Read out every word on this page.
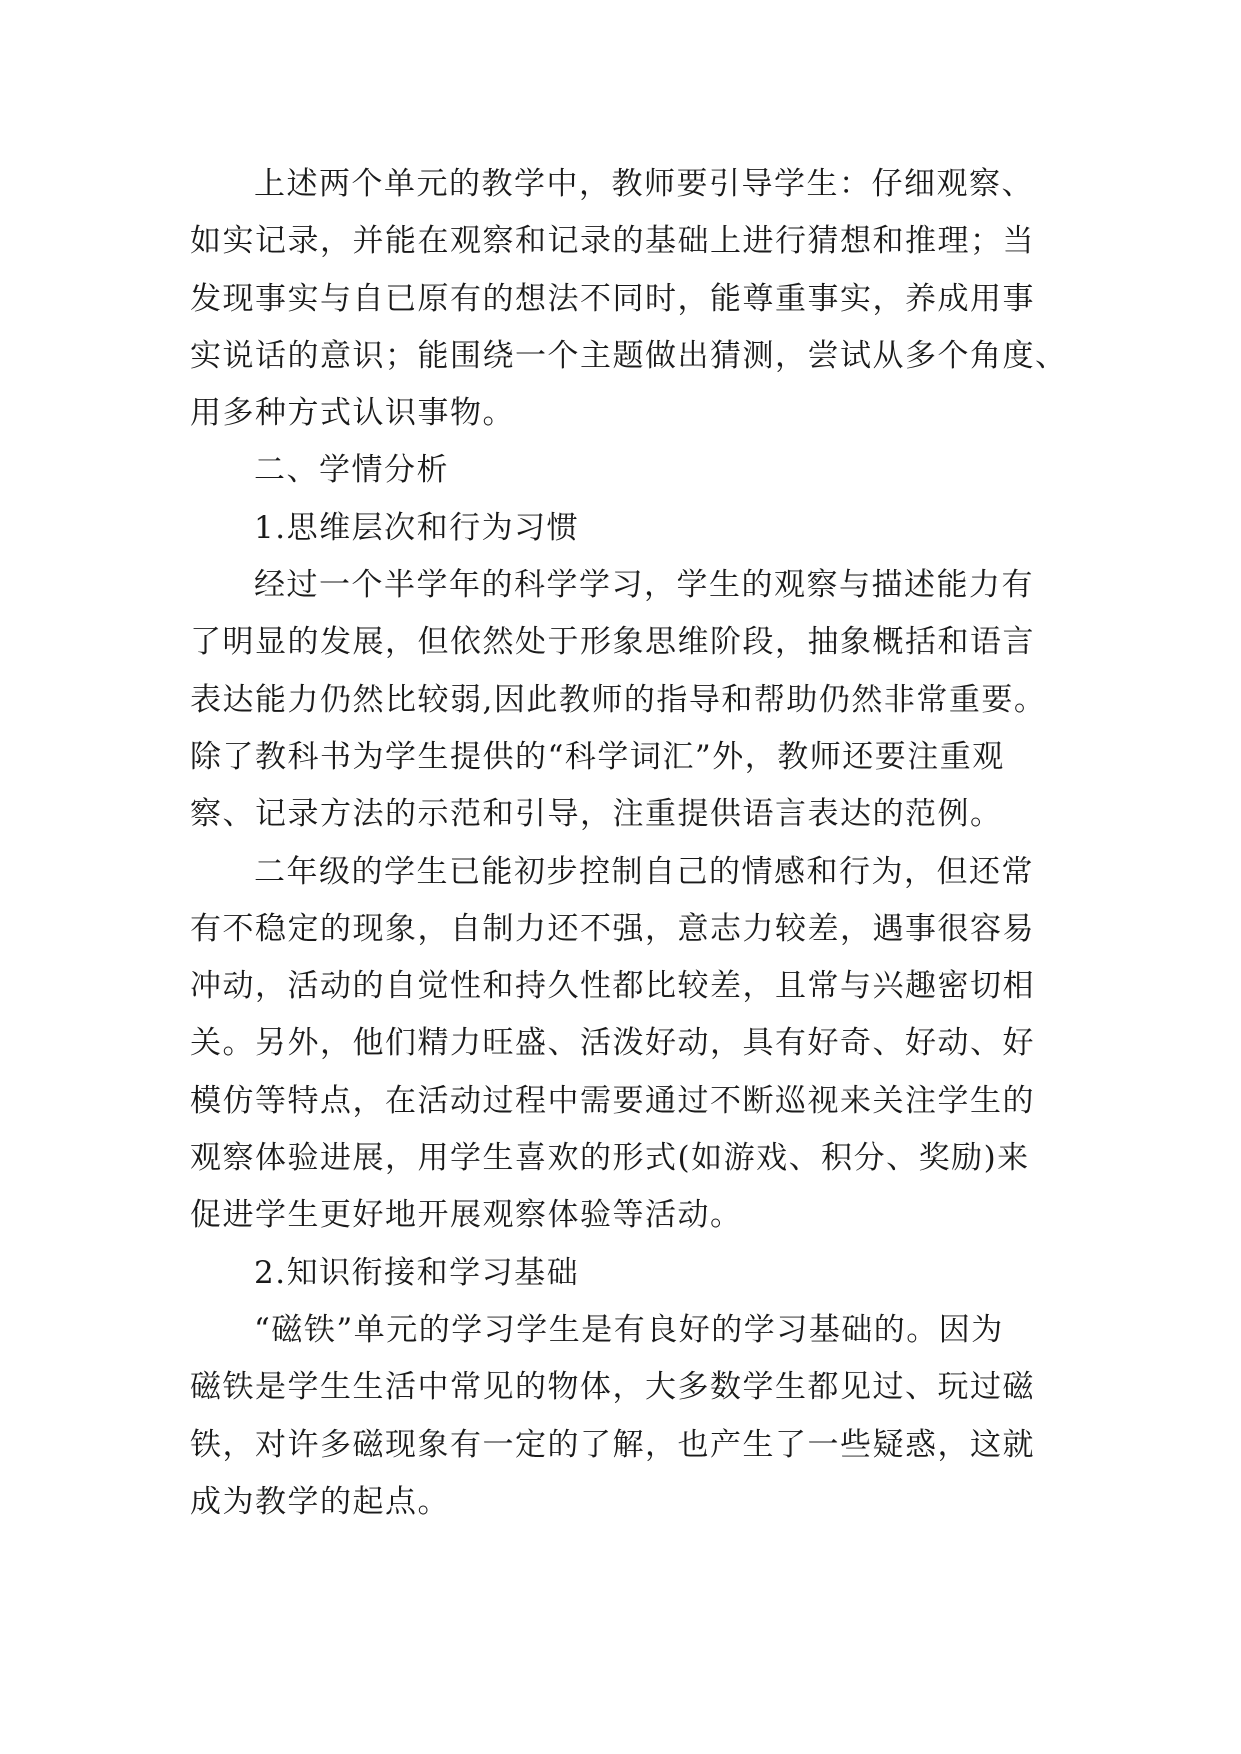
上述两个单元的教学中，教师要引导学生：仔细观察、

如实记录，并能在观察和记录的基础上进行猜想和推理；当

发现事实与自已原有的想法不同时，能尊重事实，养成用事

实说话的意识；能围绕一个主题做出猜测，尝试从多个角度、

用多种方式认识事物。

二、学情分析

1.思维层次和行为习惯

经过一个半学年的科学学习，学生的观察与描述能力有

了明显的发展，但依然处于形象思维阶段，抽象概括和语言

表达能力仍然比较弱,因此教师的指导和帮助仍然非常重要。

除了教科书为学生提供的“科学词汇”外，教师还要注重观

察、记录方法的示范和引导，注重提供语言表达的范例。

二年级的学生已能初步控制自己的情感和行为，但还常

有不稳定的现象，自制力还不强，意志力较差，遇事很容易

冲动，活动的自觉性和持久性都比较差，且常与兴趣密切相

关。另外，他们精力旺盛、活泼好动，具有好奇、好动、好

模仿等特点，在活动过程中需要通过不断巡视来关注学生的

观察体验进展，用学生喜欢的形式(如游戏、积分、奖励)来

促进学生更好地开展观察体验等活动。

2.知识衔接和学习基础

“磁铁”单元的学习学生是有良好的学习基础的。因为

磁铁是学生生活中常见的物体，大多数学生都见过、玩过磁

铁，对许多磁现象有一定的了解，也产生了一些疑惑，这就

成为教学的起点。
